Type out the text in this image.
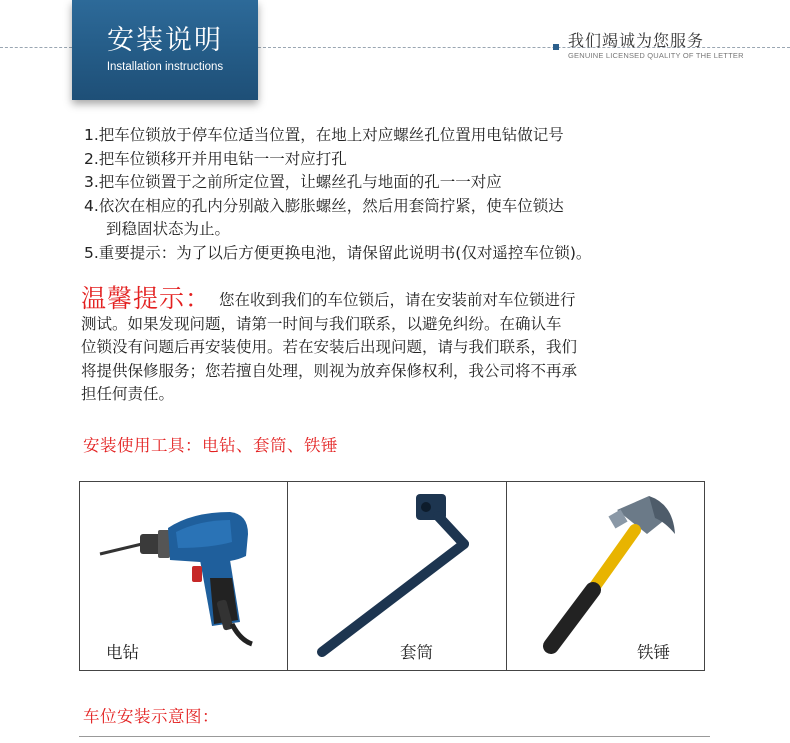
安装说明
Installation instructions
我们竭诚为您服务
GENUINE LICENSED QUALITY OF THE LETTER
1.把车位锁放于停车位适当位置，在地上对应螺丝孔位置用电钻做记号
2.把车位锁移开并用电钻一一对应打孔
3.把车位锁置于之前所定位置，让螺丝孔与地面的孔一一对应
4.依次在相应的孔内分别敲入膨胀螺丝，然后用套筒拧紧，使车位锁达
到稳固状态为止。
5.重要提示：为了以后方便更换电池，请保留此说明书(仅对遥控车位锁)。
温馨提示： 您在收到我们的车位锁后，请在安装前对车位锁进行
测试。如果发现问题，请第一时间与我们联系，以避免纠纷。在确认车
位锁没有问题后再安装使用。若在安装后出现问题，请与我们联系，我们
将提供保修服务；您若擅自处理，则视为放弃保修权利，我公司将不再承
担任何责任。
安装使用工具：电钻、套筒、铁锤
电钻	套筒	铁锤
车位安装示意图：
